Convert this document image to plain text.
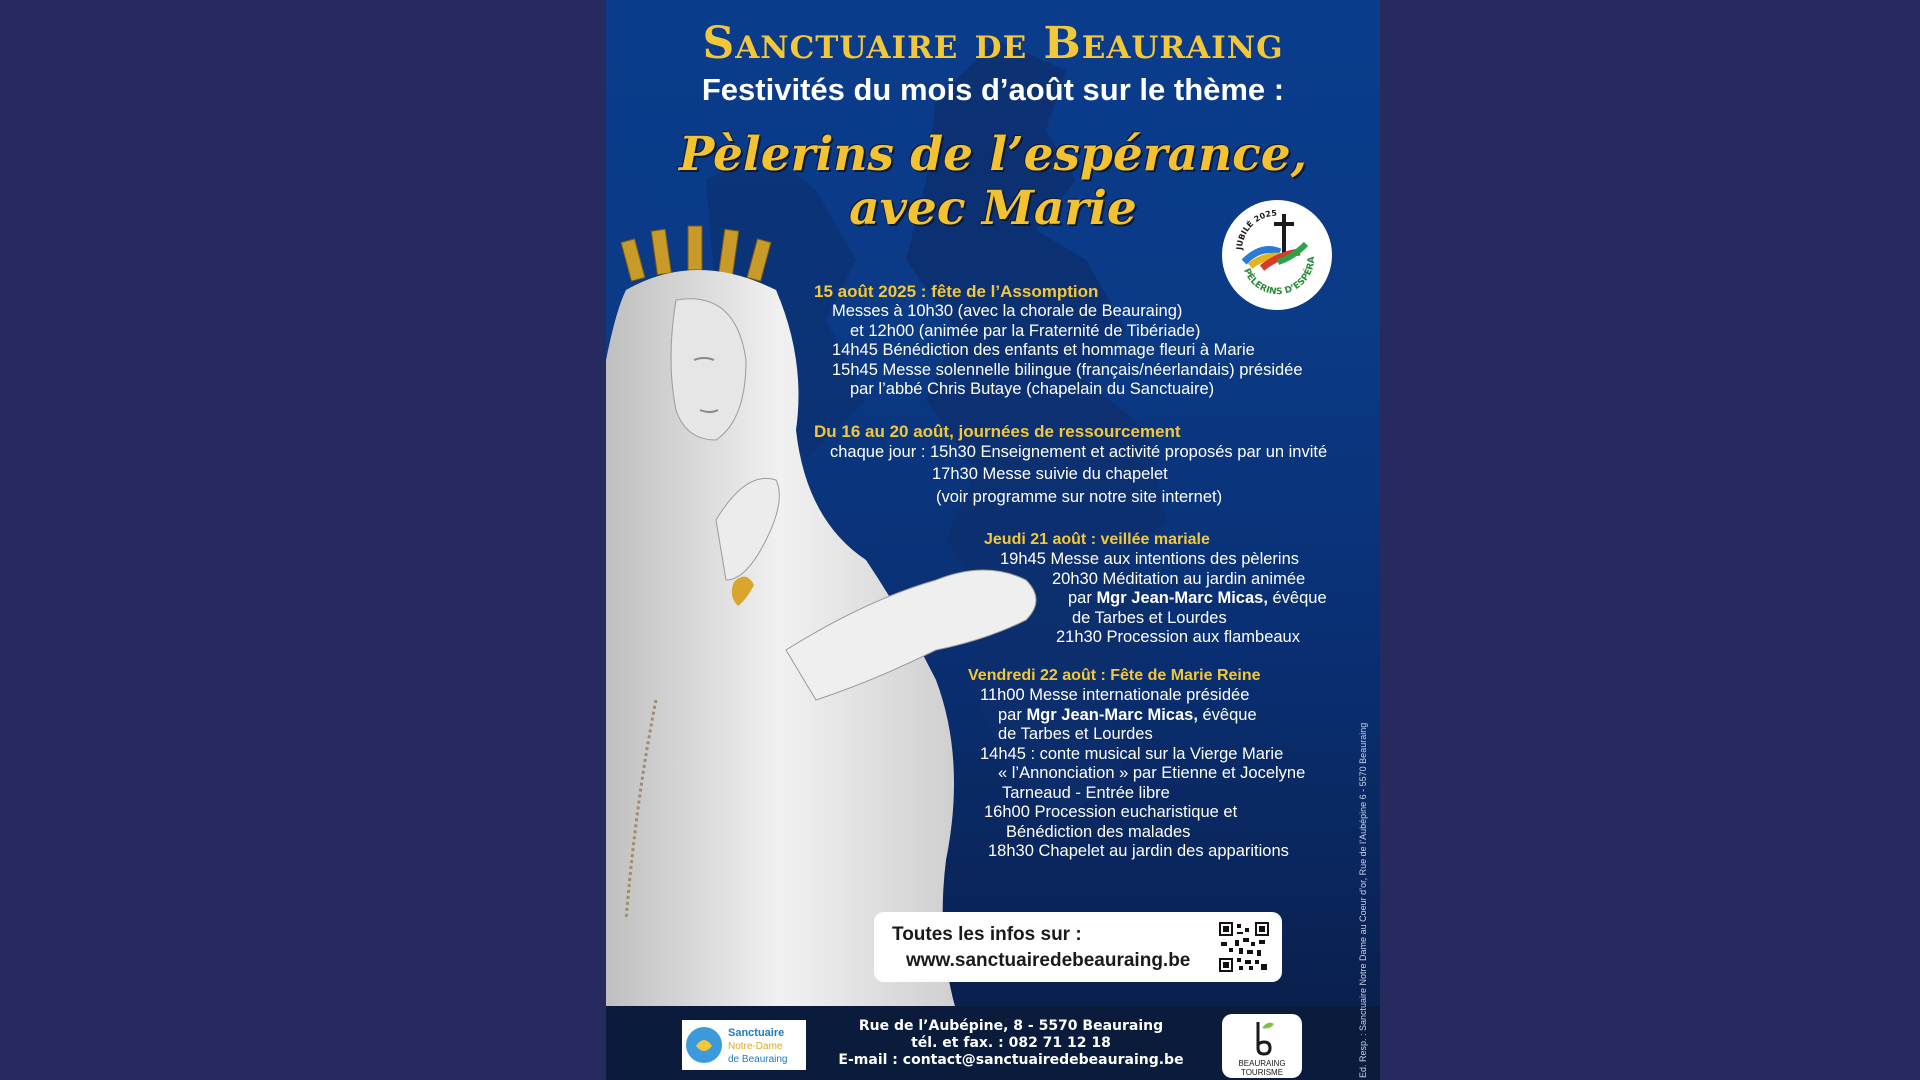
Sanctuaire de Beauraing
Festivités du mois d’août sur le thème :
Pèlerins de l’espérance,
avec Marie
JUBILÉ 2025
PÈLERINS D’ESPÉRA
15 août 2025 : fête de l’Assomption
Messes à 10h30 (avec la chorale de Beauraing)
et 12h00 (animée par la Fraternité de Tibériade)
14h45 Bénédiction des enfants et hommage fleuri à Marie
15h45 Messe solennelle bilingue (français/néerlandais) présidée
par l’abbé Chris Butaye (chapelain du Sanctuaire)
Du 16 au 20 août, journées de ressourcement
chaque jour : 15h30 Enseignement et activité proposés par un invité
17h30 Messe suivie du chapelet
(voir programme sur notre site internet)
Jeudi 21 août : veillée mariale
19h45 Messe aux intentions des pèlerins
20h30 Méditation au jardin animée
par Mgr Jean-Marc Micas, évêque
de Tarbes et Lourdes
21h30 Procession aux flambeaux
Vendredi 22 août : Fête de Marie Reine
11h00 Messe internationale présidée
par Mgr Jean-Marc Micas, évêque
de Tarbes et Lourdes
14h45 : conte musical sur la Vierge Marie
« l’Annonciation » par Etienne et Jocelyne
Tarneaud - Entrée libre
16h00 Procession eucharistique et
Bénédiction des malades
18h30 Chapelet au jardin des apparitions
Toutes les infos sur :
www.sanctuairedebeauraing.be
Sanctuaire
Notre-Dame
de Beauraing
Rue de l’Aubépine, 8 - 5570 Beauraing
tél. et fax. : 082 71 12 18
E-mail : contact@sanctuairedebeauraing.be	BEAURAING
TOURISME	Ed. Resp. : Sanctuaire Notre Dame au Coeur d’or, Rue de l’Aubépine 6 - 5570 Beauraing
